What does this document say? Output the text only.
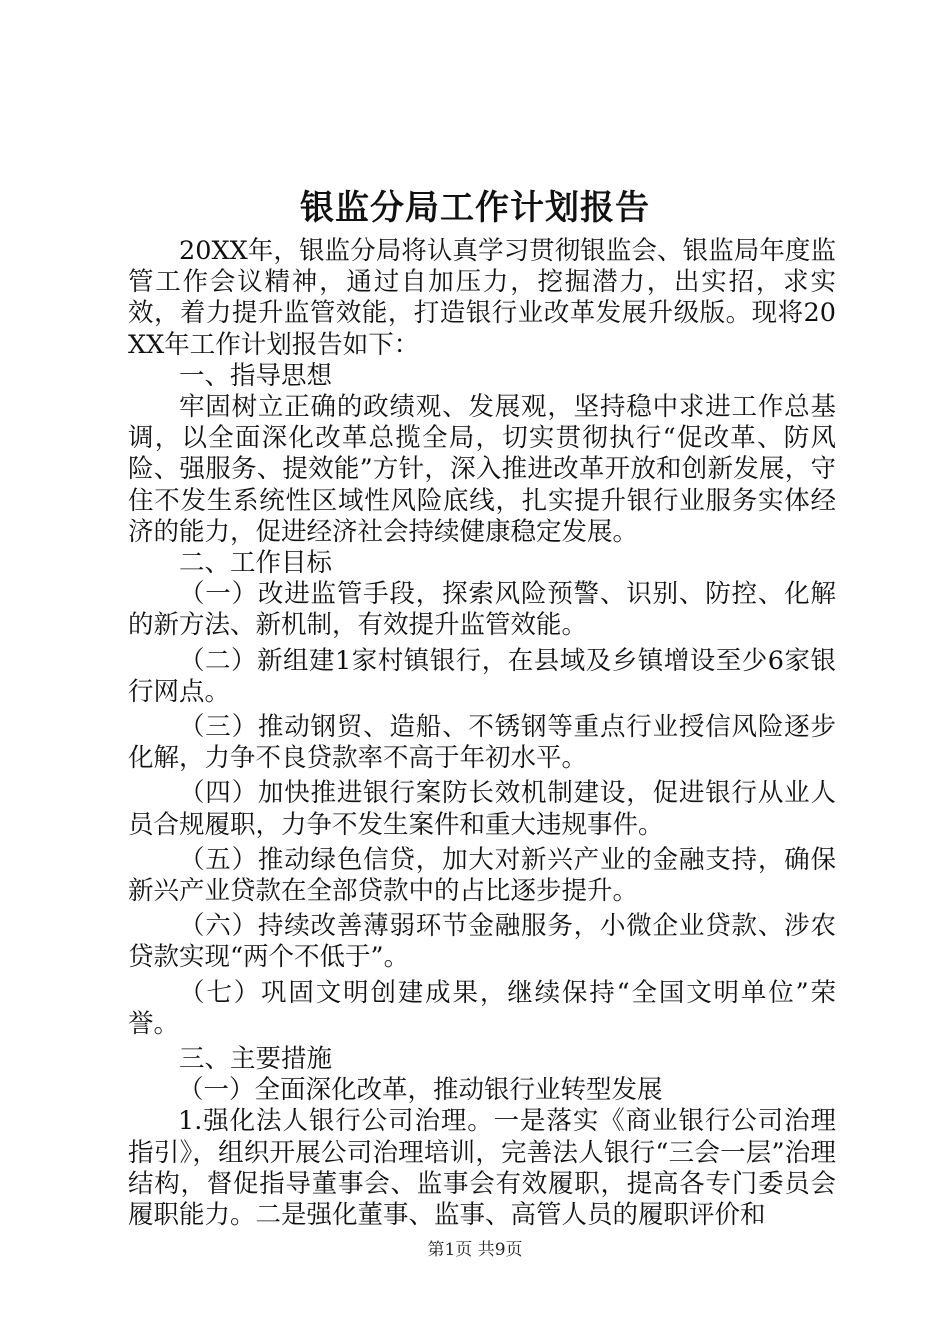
银监分局工作计划报告

20XX年，银监分局将认真学习贯彻银监会、银监局年度监管工作会议精神，通过自加压力，挖掘潜力，出实招，求实效，着力提升监管效能，打造银行业改革发展升级版。现将20XX年工作计划报告如下：

一、指导思想

牢固树立正确的政绩观、发展观，坚持稳中求进工作总基调，以全面深化改革总揽全局，切实贯彻执行“促改革、防风险、强服务、提效能”方针，深入推进改革开放和创新发展，守住不发生系统性区域性风险底线，扎实提升银行业服务实体经济的能力，促进经济社会持续健康稳定发展。

二、工作目标

（一）改进监管手段，探索风险预警、识别、防控、化解的新方法、新机制，有效提升监管效能。

（二）新组建1家村镇银行，在县域及乡镇增设至少6家银行网点。

（三）推动钢贸、造船、不锈钢等重点行业授信风险逐步化解，力争不良贷款率不高于年初水平。

（四）加快推进银行案防长效机制建设，促进银行从业人员合规履职，力争不发生案件和重大违规事件。

（五）推动绿色信贷，加大对新兴产业的金融支持，确保新兴产业贷款在全部贷款中的占比逐步提升。

（六）持续改善薄弱环节金融服务，小微企业贷款、涉农贷款实现“两个不低于”。

（七）巩固文明创建成果，继续保持“全国文明单位”荣誉。

三、主要措施

（一）全面深化改革，推动银行业转型发展

1.强化法人银行公司治理。一是落实《商业银行公司治理指引》，组织开展公司治理培训，完善法人银行“三会一层”治理结构，督促指导董事会、监事会有效履职，提高各专门委员会履职能力。二是强化董事、监事、高管人员的履职评价和

第1页 共9页
